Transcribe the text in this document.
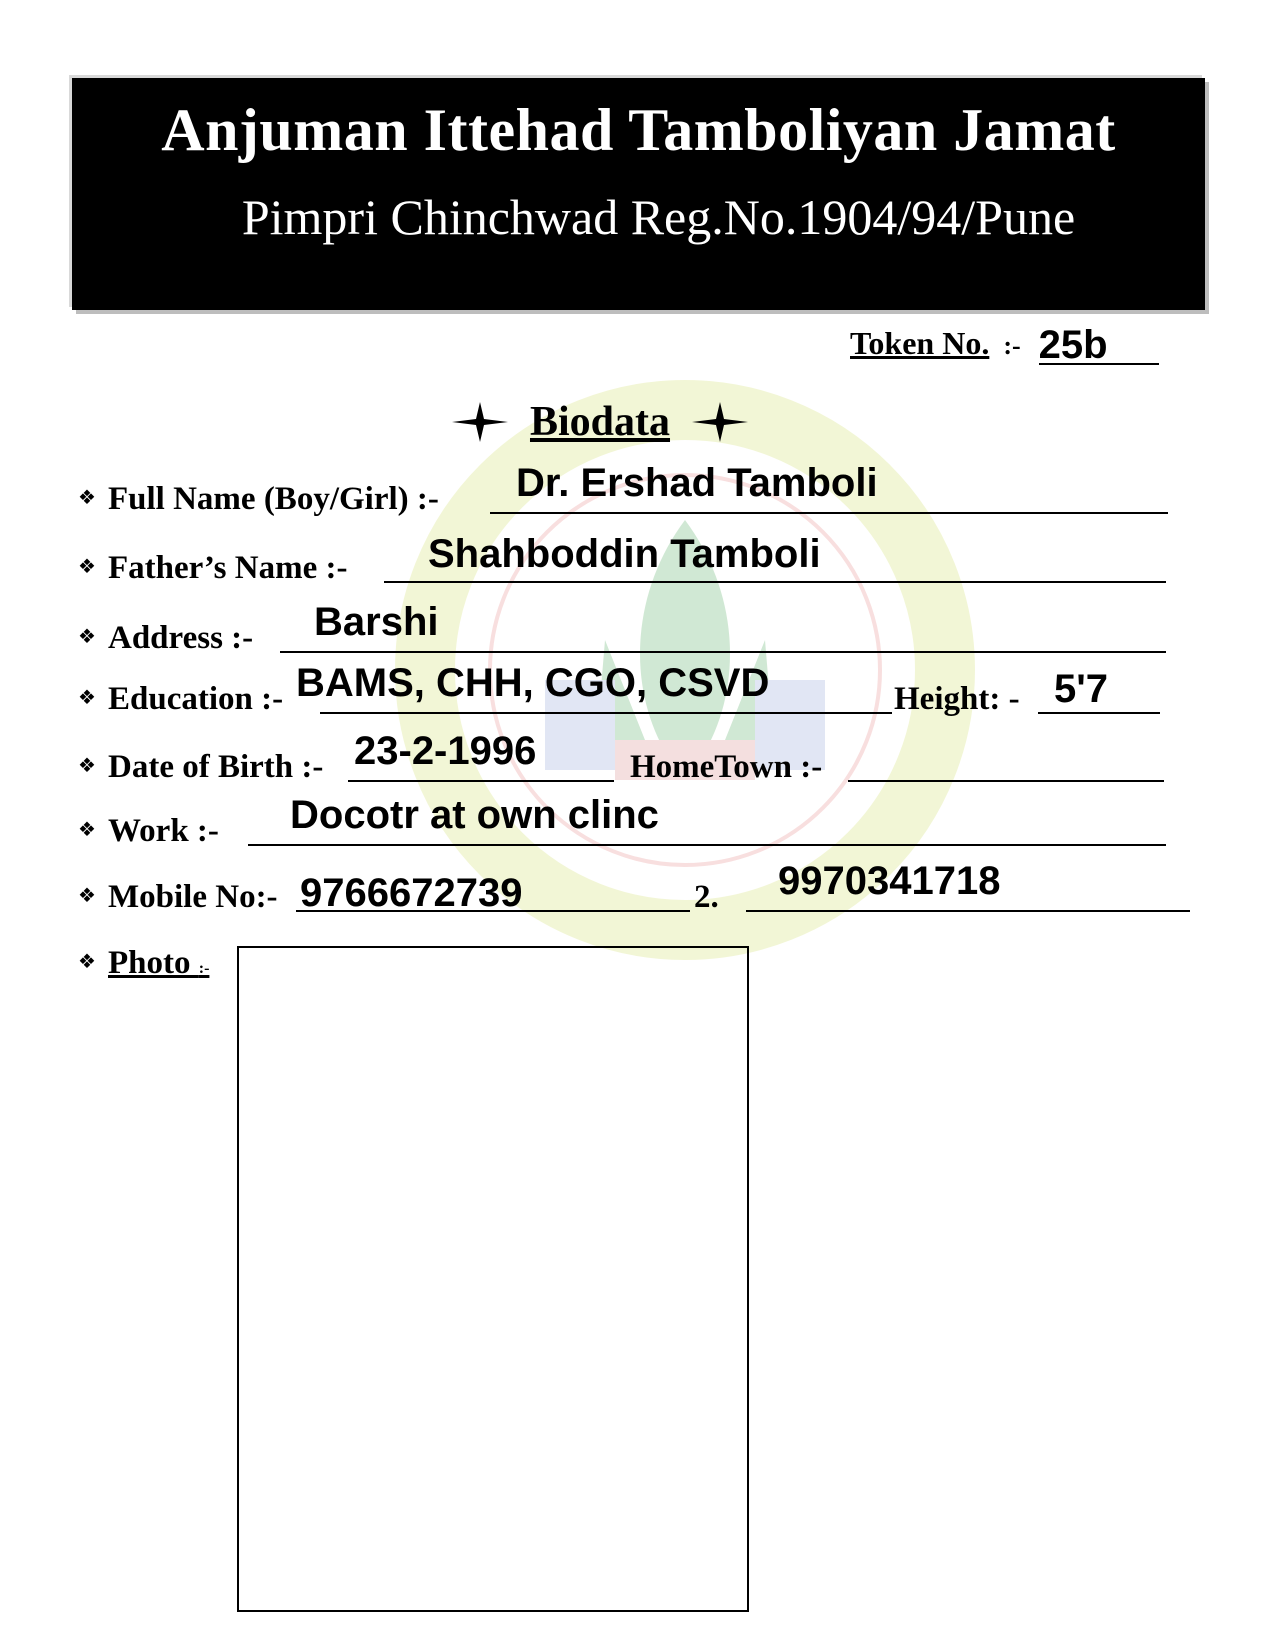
Anjuman Ittehad Tamboliyan Jamat
Pimpri Chinchwad Reg.No.1904/94/Pune
Token No. :- 25b
Biodata
❖ Full Name (Boy/Girl) :- Dr. Ershad Tamboli
❖ Father’s Name :- Shahboddin Tamboli
❖ Address :- Barshi
❖ Education :- BAMS, CHH, CGO, CSVD	Height: - 5'7
❖ Date of Birth :- 23-2-1996	HomeTown :-
❖ Work :- Docotr at own clinc
❖ Mobile No:- 9766672739	2. 9970341718
❖ Photo :-
